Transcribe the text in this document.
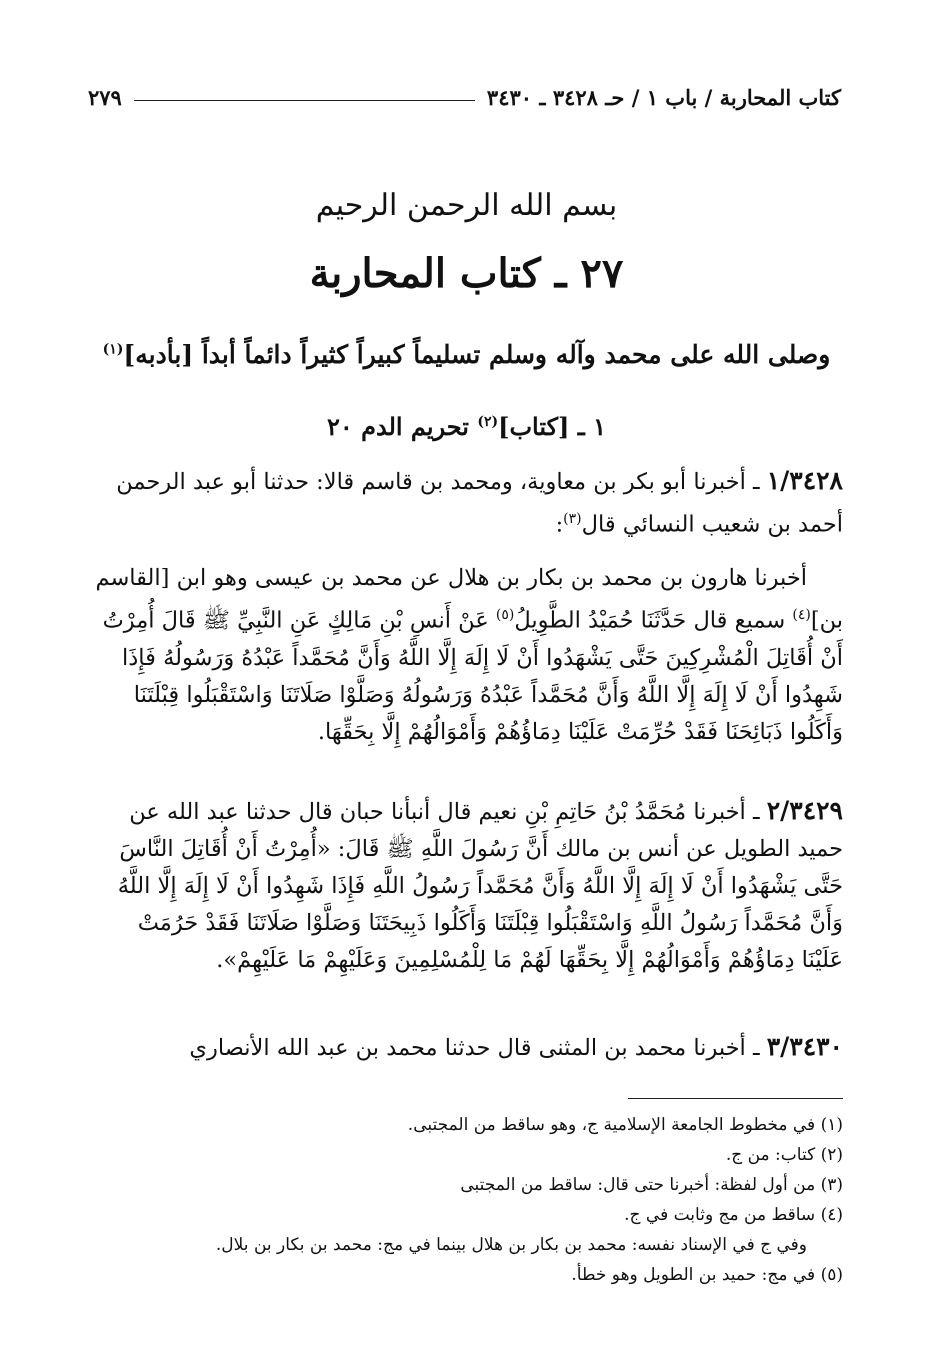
كتاب المحاربة / باب ١ / حـ ٣٤٢٨ ـ ٣٤٣٠
٢٧٩
بسم الله الرحمن الرحيم
٢٧ ـ كتاب المحاربة
وصلى الله على محمد وآله وسلم تسليماً كبيراً كثيراً دائماً أبداً [بأدبه]$^{(١)}$
١ ـ [كتاب]$^{(٢)}$ تحريم الدم ٢٠
١/٣٤٢٨ ـ أخبرنا أبو بكر بن معاوية، ومحمد بن قاسم قالا: حدثنا أبو عبد الرحمن أحمد بن شعيب النسائي قال$^{(٣)}$:
أخبرنا هارون بن محمد بن بكار بن هلال عن محمد بن عيسى وهو ابن [القاسم بن]$^{(٤)}$ سميع قال حَدَّثَنَا حُمَيْدُ الطَّوِيلُ$^{(٥)}$ عَنْ أَنسِ بْنِ مَالِكٍ عَنِ النَّبِيِّ ﷺ قَالَ أُمِرْتُ أَنْ أُقَاتِلَ الْمُشْرِكِينَ حَتَّى يَشْهَدُوا أَنْ لَا إِلَهَ إِلَّا اللَّهُ وَأَنَّ مُحَمَّداً عَبْدُهُ وَرَسُولُهُ فَإِذَا شَهِدُوا أَنْ لَا إِلَهَ إِلَّا اللَّهُ وَأَنَّ مُحَمَّداً عَبْدُهُ وَرَسُولُهُ وَصَلَّوْا صَلَاتَنَا وَاسْتَقْبَلُوا قِبْلَتَنَا وَأَكَلُوا ذَبَائِحَنَا فَقَدْ حُرِّمَتْ عَلَيْنَا دِمَاؤُهُمْ وَأَمْوَالُهُمْ إِلَّا بِحَقِّهَا.
٢/٣٤٢٩ ـ أخبرنا مُحَمَّدُ بْنُ حَاتِمِ بْنِ نعيم قال أنبأنا حبان قال حدثنا عبد الله عن حميد الطويل عن أنس بن مالك أَنَّ رَسُولَ اللَّهِ ﷺ قَالَ: «أُمِرْتُ أَنْ أُقَاتِلَ النَّاسَ حَتَّى يَشْهَدُوا أَنْ لَا إِلَهَ إِلَّا اللَّهُ وَأَنَّ مُحَمَّداً رَسُولُ اللَّهِ فَإِذَا شَهِدُوا أَنْ لَا إِلَهَ إِلَّا اللَّهُ وَأَنَّ مُحَمَّداً رَسُولُ اللَّهِ وَاسْتَقْبَلُوا قِبْلَتَنَا وَأَكَلُوا ذَبِيحَتَنَا وَصَلَّوْا صَلَاتَنَا فَقَدْ حَرُمَتْ عَلَيْنَا دِمَاؤُهُمْ وَأَمْوَالُهُمْ إِلَّا بِحَقِّهَا لَهُمْ مَا لِلْمُسْلِمِينَ وَعَلَيْهِمْ مَا عَلَيْهِمْ».
٣/٣٤٣٠ ـ أخبرنا محمد بن المثنى قال حدثنا محمد بن عبد الله الأنصاري
(١) في مخطوط الجامعة الإسلامية ج، وهو ساقط من المجتبى.
(٢) كتاب: من ج.
(٣) من أول لفظة: أخبرنا حتى قال: ساقط من المجتبى
(٤) ساقط من مج وثابت في ج.
وفي ج في الإسناد نفسه: محمد بن بكار بن هلال بينما في مج: محمد بن بكار بن بلال.
(٥) في مج: حميد بن الطويل وهو خطأ.
